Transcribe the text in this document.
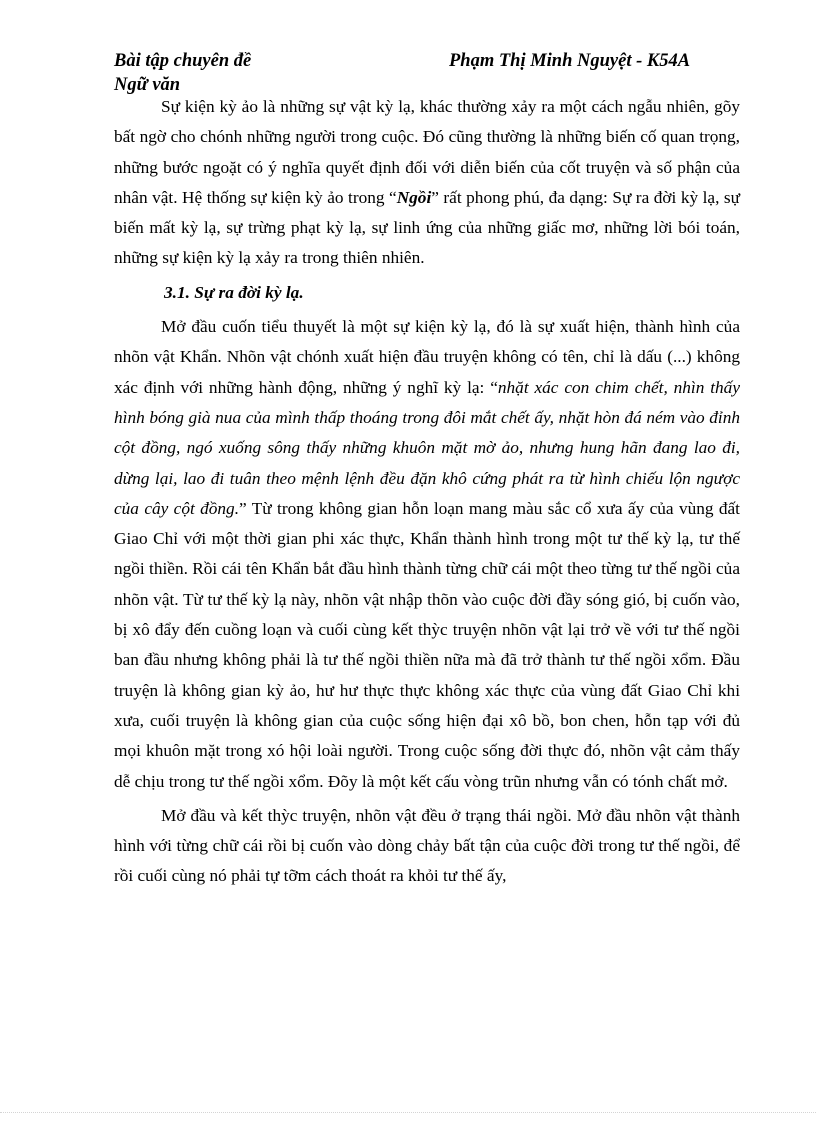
Bài tập chuyên đề	Phạm Thị Minh Nguyệt - K54A
Ngữ văn

Sự kiện kỳ ảo là những sự vật kỳ lạ, khác thường xảy ra một cách ngẫu nhiên, gõy bất ngờ cho chónh những người trong cuộc. Đó cũng thường là những biến cố quan trọng, những bước ngoặt có ý nghĩa quyết định đối với diễn biến của cốt truyện và số phận của nhân vật. Hệ thống sự kiện kỳ ảo trong “Ngồi” rất phong phú, đa dạng: Sự ra đời kỳ lạ, sự biến mất kỳ lạ, sự trừng phạt kỳ lạ, sự linh ứng của những giấc mơ, những lời bói toán, những sự kiện kỳ lạ xảy ra trong thiên nhiên.

3.1. Sự ra đời kỳ lạ.

Mở đầu cuốn tiểu thuyết là một sự kiện kỳ lạ, đó là sự xuất hiện, thành hình của nhõn vật Khẩn. Nhõn vật chónh xuất hiện đầu truyện không có tên, chỉ là dấu (...) không xác định với những hành động, những ý nghĩ kỳ lạ: “nhặt xác con chim chết, nhìn thấy hình bóng già nua của mình thấp thoáng trong đôi mắt chết ấy, nhặt hòn đá ném vào đỉnh cột đồng, ngó xuống sông thấy những khuôn mặt mờ ảo, nhưng hung hãn đang lao đi, dừng lại, lao đi tuân theo mệnh lệnh đều đặn khô cứng phát ra từ hình chiếu lộn ngược của cây cột đồng.” Từ trong không gian hỗn loạn mang màu sắc cổ xưa ấy của vùng đất Giao Chỉ với một thời gian phi xác thực, Khẩn thành hình trong một tư thế kỳ lạ, tư thế ngồi thiền. Rồi cái tên Khẩn bắt đầu hình thành từng chữ cái một theo từng tư thế ngồi của nhõn vật. Từ tư thế kỳ lạ này, nhõn vật nhập thõn vào cuộc đời đầy sóng gió, bị cuốn vào, bị xô đẩy đến cuồng loạn và cuối cùng kết thỳc truyện nhõn vật lại trở về với tư thế ngồi ban đầu nhưng không phải là tư thế ngồi thiền nữa mà đã trở thành tư thế ngồi xổm. Đầu truyện là không gian kỳ ảo, hư hư thực thực không xác thực của vùng đất Giao Chỉ khi xưa, cuối truyện là không gian của cuộc sống hiện đại xô bồ, bon chen, hỗn tạp với đủ mọi khuôn mặt trong xó hội loài người. Trong cuộc sống đời thực đó, nhõn vật cảm thấy dễ chịu trong tư thế ngồi xổm. Đõy là một kết cấu vòng trũn nhưng vẫn có tónh chất mở.

Mở đầu và kết thỳc truyện, nhõn vật đều ở trạng thái ngồi. Mở đầu nhõn vật thành hình với từng chữ cái rồi bị cuốn vào dòng chảy bất tận của cuộc đời trong tư thế ngồi, để rồi cuối cùng nó phải tự tỡm cách thoát ra khỏi tư thế ấy,
